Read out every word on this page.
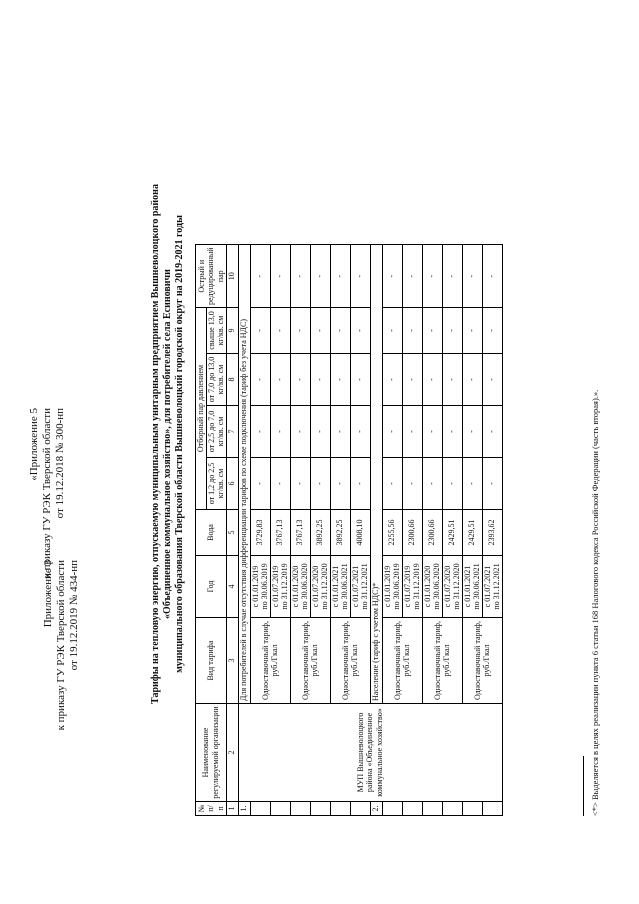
Приложение 3 к приказу ГУ РЭК Тверской области от 19.12.2019 № 434-нп
«Приложение 5 к приказу ГУ РЭК Тверской области от 19.12.2018 № 300-нп	Тарифы на тепловую энергию, отпускаемую муниципальным унитарным предприятием Вышневолоцкого района «Объединенное коммунальное хозяйство», для потребителей села Есиновичи муниципального образования Тверской области Вышневолоцкий городской округ на 2019-2021 годы
№ п/п	Наименование регулируемой организации	Вид тарифа	Год	Вода	Отборный пар давлением				Острый и редуцированный пар
					от 1,2 до 2,5 кг/кв. см	от 2,5 до 7,0 кг/кв. см	от 7,0 до 13,0 кг/кв. см	свыше 13,0 кг/кв. см	
1	2	3	4	5	6	7	8	9	10
1.	МУП Вышневолоцкого района «Объединенное коммунальное хозяйство»	Для потребителей в случае отсутствия дифференциации тарифов по схеме подключения (тариф без учета НДС)							
		Одноставочный тариф, руб./Гкал	с 01.01.2019 по 30.06.2019	3729,83	-	-	-	-	-

			с 01.07.2019 по 31.12.2019	3767,13	-	-	-	-	-
		Одноставочный тариф, руб./Гкал	с 01.01.2020 по 30.06.2020	3767,13	-	-	-	-	-

			с 01.07.2020 по 31.12.2020	3892,25	-	-	-	-	-
		Одноставочный тариф, руб./Гкал	с 01.01.2021 по 30.06.2021	3892,25	-	-	-	-	-

			с 01.07.2021 по 31.12.2021	4008,10	-	-	-	-	-
2.		Население (тариф с учетом НДС)*							
		Одноставочный тариф, руб./Гкал	с 01.01.2019 по 30.06.2019	2255,56	-	-	-	-	-

			с 01.07.2019 по 31.12.2019	2300,66	-	-	-	-	-
		Одноставочный тариф, руб./Гкал	с 01.01.2020 по 30.06.2020	2300,66	-	-	-	-	-

			с 01.07.2020 по 31.12.2020	2429,51	-	-	-	-	-
		Одноставочный тариф, руб./Гкал	с 01.01.2021 по 30.06.2021	2429,51	-	-	-	-	-

			с 01.07.2021 по 31.12.2021	2393,62	-	-	-	-	-
<*> Выделяется в целях реализации пункта 6 статьи 168 Налогового кодекса Российской Федерации (часть вторая).».
